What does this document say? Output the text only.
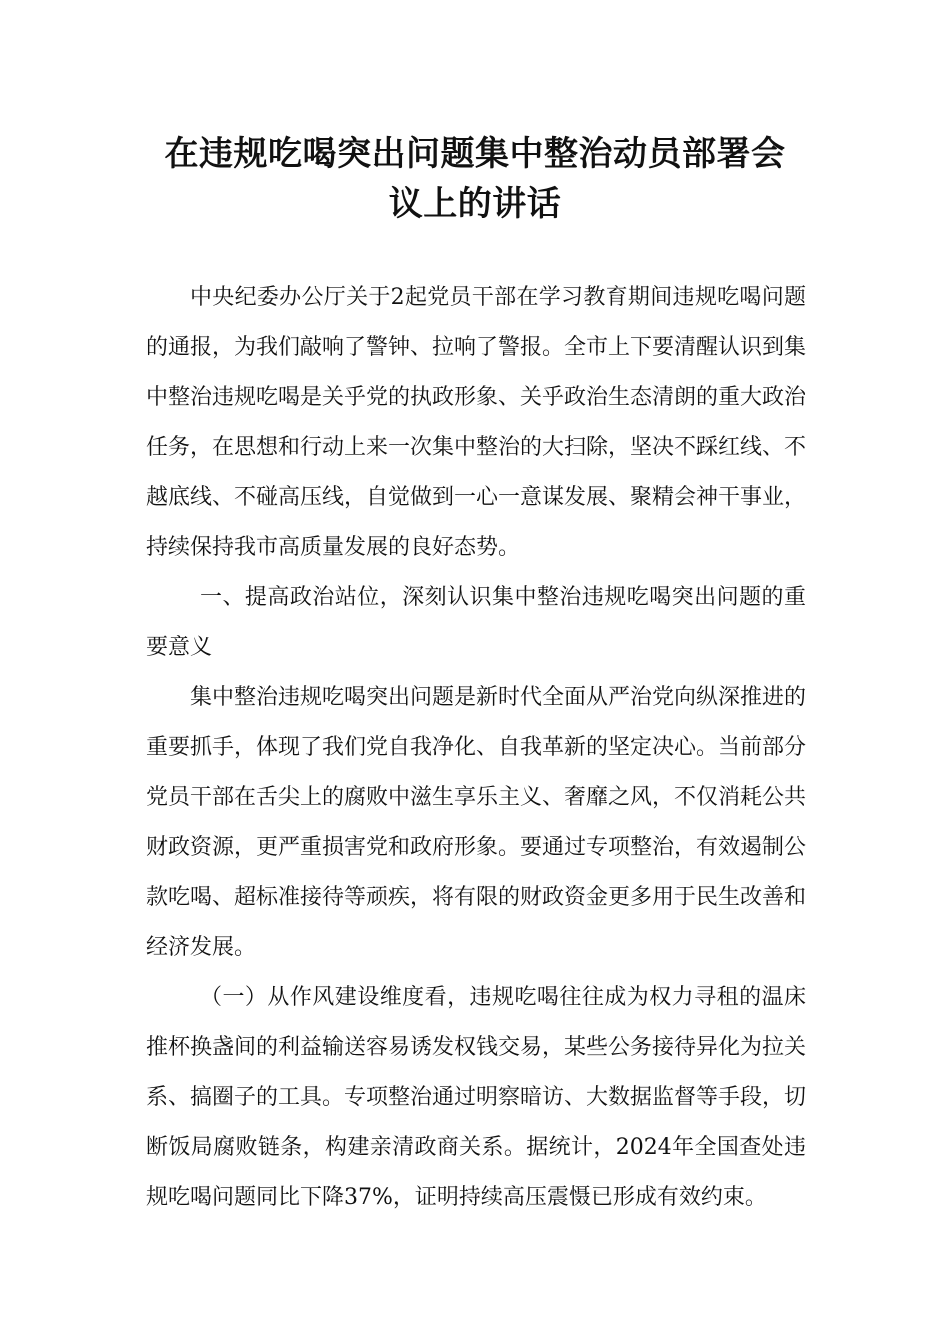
在违规吃喝突出问题集中整治动员部署会
议上的讲话

中央纪委办公厅关于2起党员干部在学习教育期间违规吃喝问题的通报，为我们敲响了警钟、拉响了警报。全市上下要清醒认识到集中整治违规吃喝是关乎党的执政形象、关乎政治生态清朗的重大政治任务，在思想和行动上来一次集中整治的大扫除，坚决不踩红线、不越底线、不碰高压线，自觉做到一心一意谋发展、聚精会神干事业，持续保持我市高质量发展的良好态势。

一、提高政治站位，深刻认识集中整治违规吃喝突出问题的重要意义

集中整治违规吃喝突出问题是新时代全面从严治党向纵深推进的重要抓手，体现了我们党自我净化、自我革新的坚定决心。当前部分党员干部在舌尖上的腐败中滋生享乐主义、奢靡之风，不仅消耗公共财政资源，更严重损害党和政府形象。要通过专项整治，有效遏制公款吃喝、超标准接待等顽疾，将有限的财政资金更多用于民生改善和经济发展。

（一）从作风建设维度看，违规吃喝往往成为权力寻租的温床推杯换盏间的利益输送容易诱发权钱交易，某些公务接待异化为拉关系、搞圈子的工具。专项整治通过明察暗访、大数据监督等手段，切断饭局腐败链条，构建亲清政商关系。据统计，2024年全国查处违规吃喝问题同比下降37%，证明持续高压震慑已形成有效约束。
